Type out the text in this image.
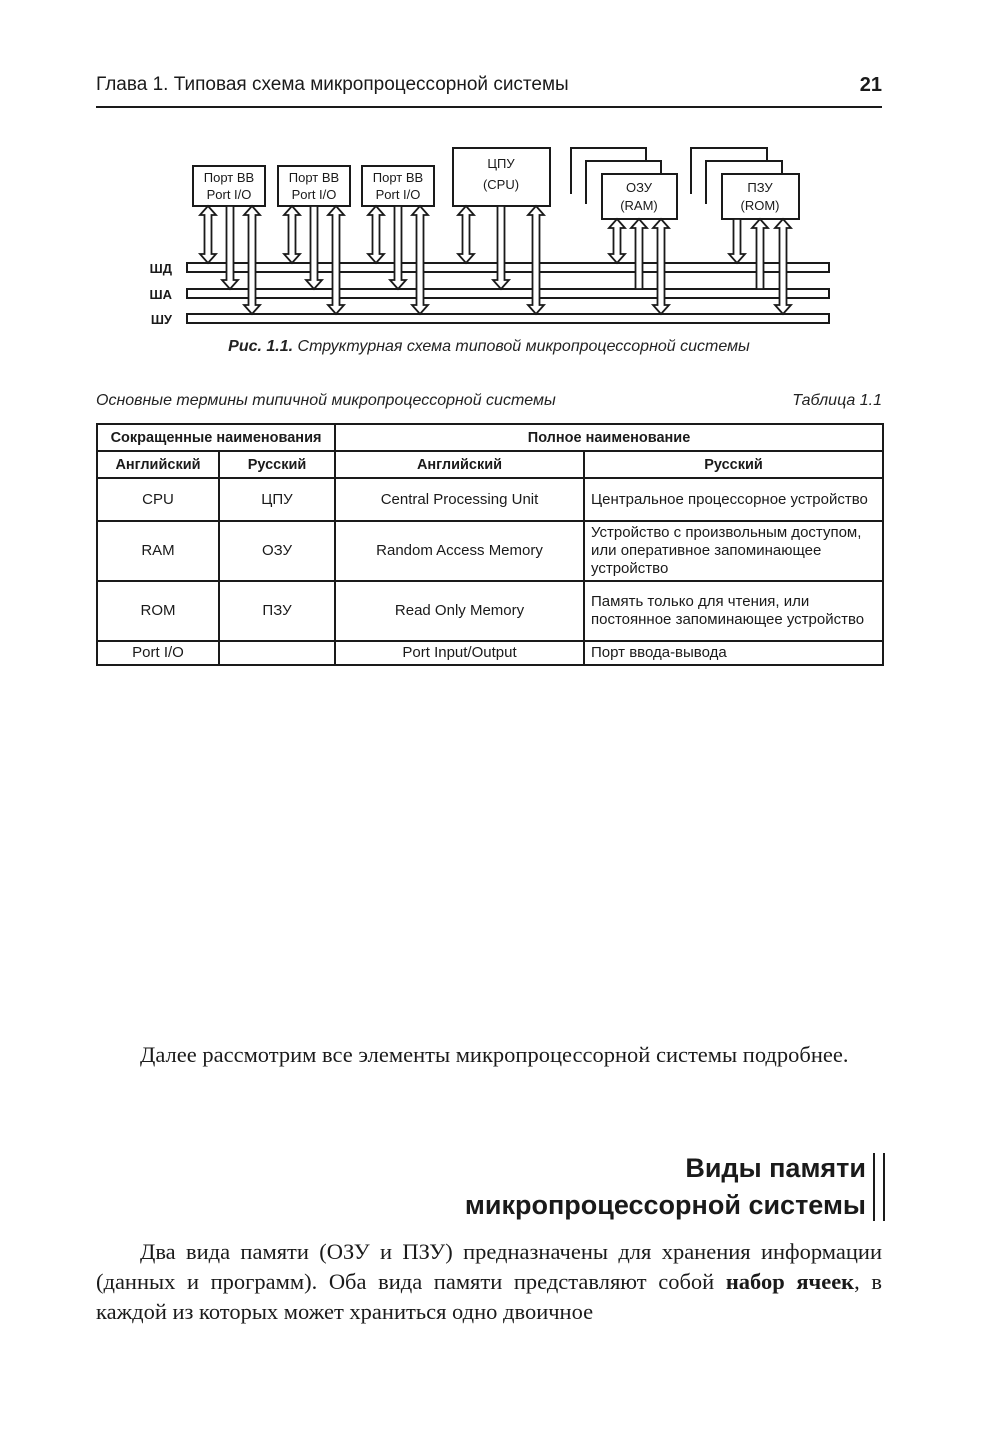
Глава 1. Типовая схема микропроцессорной системы	21
Порт ВВ
Port I/O
Порт ВВ
Port I/O
Порт ВВ
Port I/O
ЦПУ
(CPU)	ОЗУ
(RAM)
ПЗУ
(ROM)
ШД
ША
ШУ
Рис. 1.1. Структурная схема типовой микропроцессорной системы
Основные термины типичной микропроцессорной системы	Таблица 1.1
Сокращенные наименования		Полное наименование	
Английский	Русский	Английский	Русский
CPU	ЦПУ	Central Processing Unit	Центральное процессорное устройство
RAM	ОЗУ	Random Access Memory	Устройство с произвольным доступом, или оперативное запоминающее устройство
ROM	ПЗУ	Read Only Memory	Память только для чтения, или постоянное запоминающее устройство
Port I/O		Port Input/Output	Порт ввода-вывода

Далее рассмотрим все элементы микропроцессорной системы подробнее.

Виды памяти
микропроцессорной системы

Два вида памяти (ОЗУ и ПЗУ) предназначены для хранения информации (данных и программ). Оба вида памяти представляют собой набор ячеек, в каждой из которых может храниться одно двоичное
